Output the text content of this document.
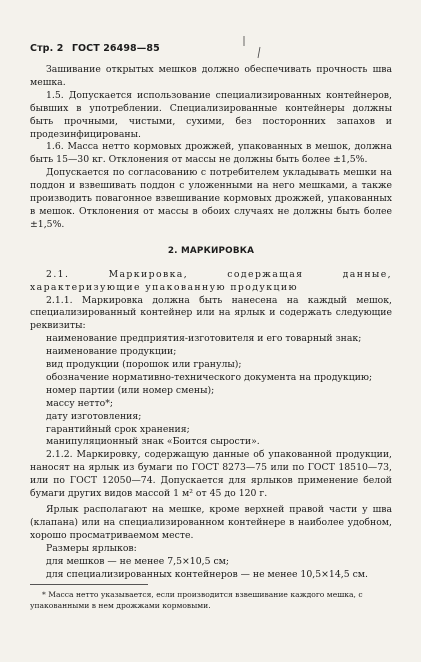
Стр. 2 ГОСТ 26498—85

Зашивание открытых мешков должно обеспечивать прочность шва мешка.

1.5. Допускается использование специализированных контейнеров, бывших в употреблении. Специализированные контейнеры должны быть прочными, чистыми, сухими, без посторонних запахов и продезинфицированы.

1.6. Масса нетто кормовых дрожжей, упакованных в мешок, должна быть 15—30 кг. Отклонения от массы не должны быть более ±1,5%.

Допускается по согласованию с потребителем укладывать мешки на поддон и взвешивать поддон с уложенными на него мешками, а также производить повагонное взвешивание кормовых дрожжей, упакованных в мешок. Отклонения от массы в обоих случаях не должны быть более ±1,5%.

2. МАРКИРОВКА

2.1. Маркировка, содержащая данные, характеризующие упакованную продукцию

2.1.1. Маркировка должна быть нанесена на каждый мешок, специализированный контейнер или на ярлык и содержать следующие реквизиты:

наименование предприятия-изготовителя и его товарный знак;

наименование продукции;

вид продукции (порошок или гранулы);

обозначение нормативно-технического документа на продукцию;

номер партии (или номер смены);

массу нетто*;

дату изготовления;

гарантийный срок хранения;

манипуляционный знак «Боится сырости».

2.1.2. Маркировку, содержащую данные об упакованной продукции, наносят на ярлык из бумаги по ГОСТ 8273—75 или по ГОСТ 18510—73, или по ГОСТ 12050—74. Допускается для ярлыков применение белой бумаги других видов массой 1 м² от 45 до 120 г.

Ярлык располагают на мешке, кроме верхней правой части у шва (клапана) или на специализированном контейнере в наиболее удобном, хорошо просматриваемом месте.

Размеры ярлыков:

для мешков — не менее 7,5×10,5 см;

для специализированных контейнеров — не менее 10,5×14,5 см.

* Масса нетто указывается, если производится взвешивание каждого мешка, с упакованными в нем дрожжами кормовыми.
